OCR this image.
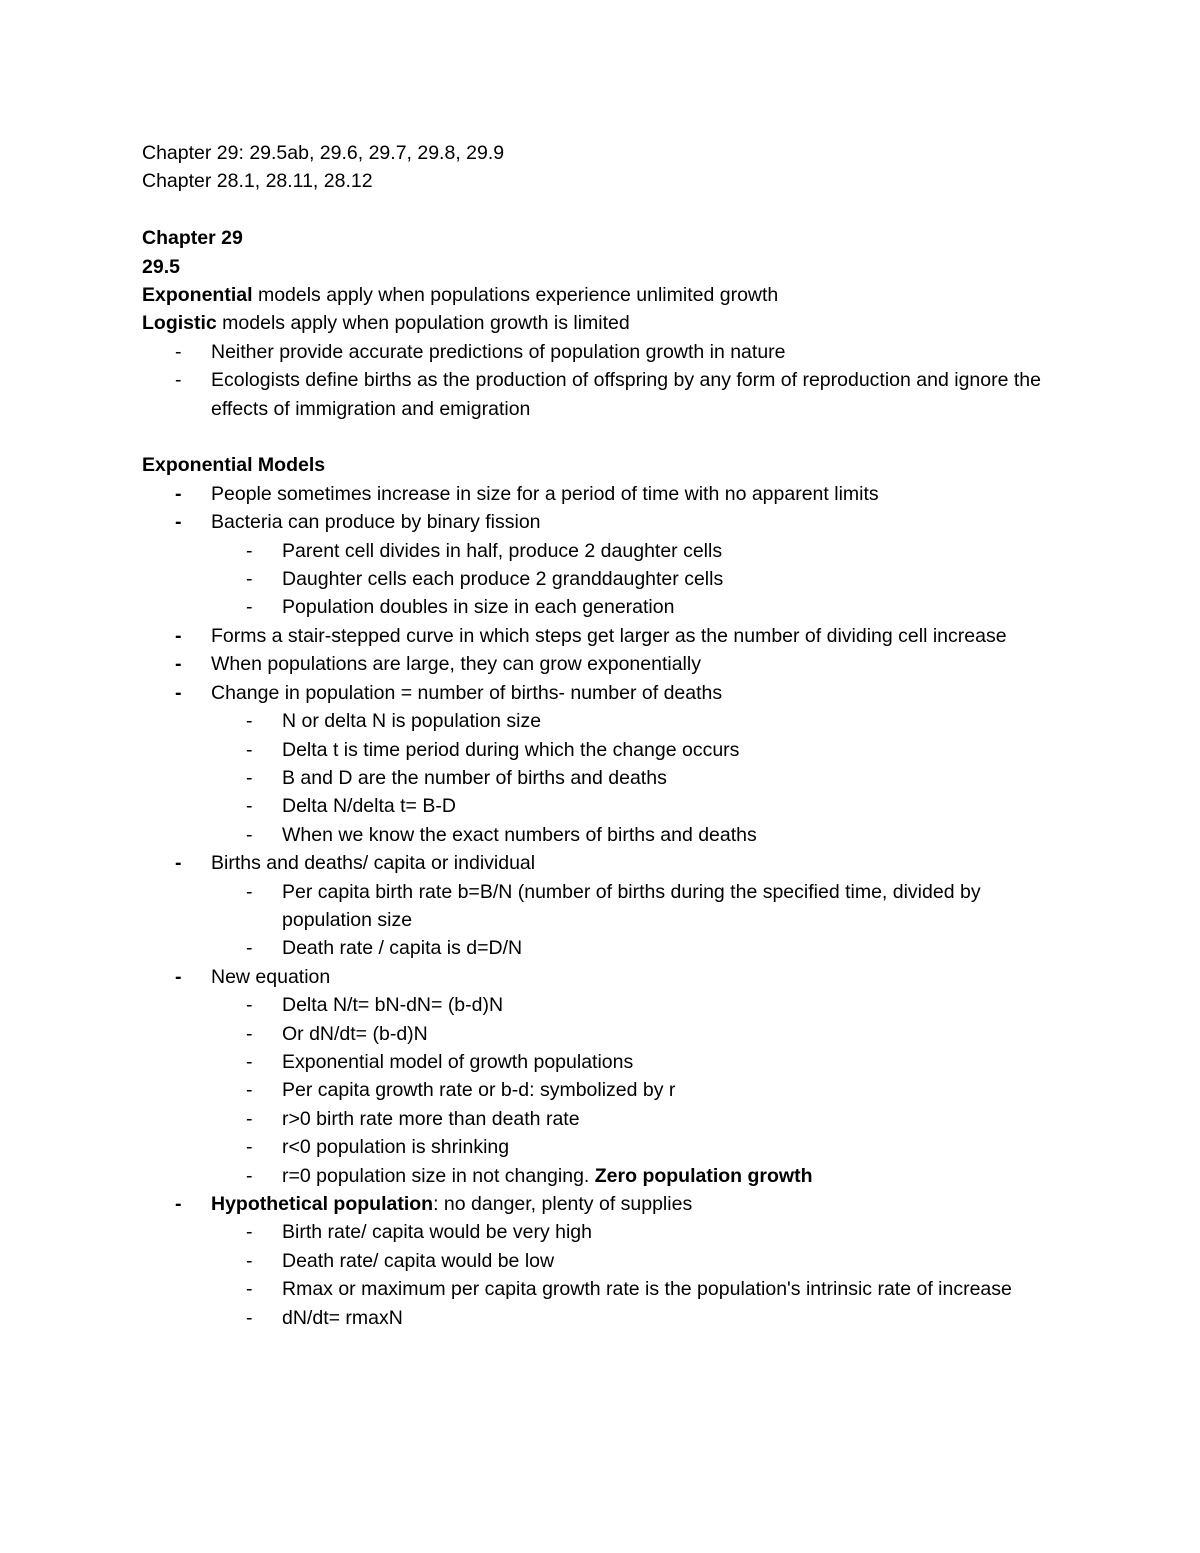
Chapter 29: 29.5ab, 29.6, 29.7, 29.8, 29.9

Chapter 28.1, 28.11, 28.12

Chapter 29

29.5

Exponential models apply when populations experience unlimited growth

Logistic models apply when population growth is limited

- Neither provide accurate predictions of population growth in nature
- Ecologists define births as the production of offspring by any form of reproduction and ignore the effects of immigration and emigration

Exponential Models

- People sometimes increase in size for a period of time with no apparent limits
- Bacteria can produce by binary fission
- Parent cell divides in half, produce 2 daughter cells
- Daughter cells each produce 2 granddaughter cells
- Population doubles in size in each generation
- Forms a stair-stepped curve in which steps get larger as the number of dividing cell increase
- When populations are large, they can grow exponentially
- Change in population = number of births- number of deaths
- N or delta N is population size
- Delta t is time period during which the change occurs
- B and D are the number of births and deaths
- Delta N/delta t= B-D
- When we know the exact numbers of births and deaths
- Births and deaths/ capita or individual
- Per capita birth rate b=B/N (number of births during the specified time, divided by population size
- Death rate / capita is d=D/N
- New equation
- Delta N/t= bN-dN= (b-d)N
- Or dN/dt= (b-d)N
- Exponential model of growth populations
- Per capita growth rate or b-d: symbolized by r
- r>0 birth rate more than death rate
- r<0 population is shrinking
- r=0 population size in not changing. Zero population growth
- Hypothetical population: no danger, plenty of supplies
- Birth rate/ capita would be very high
- Death rate/ capita would be low
- Rmax or maximum per capita growth rate is the population's intrinsic rate of increase
- dN/dt= rmaxN
